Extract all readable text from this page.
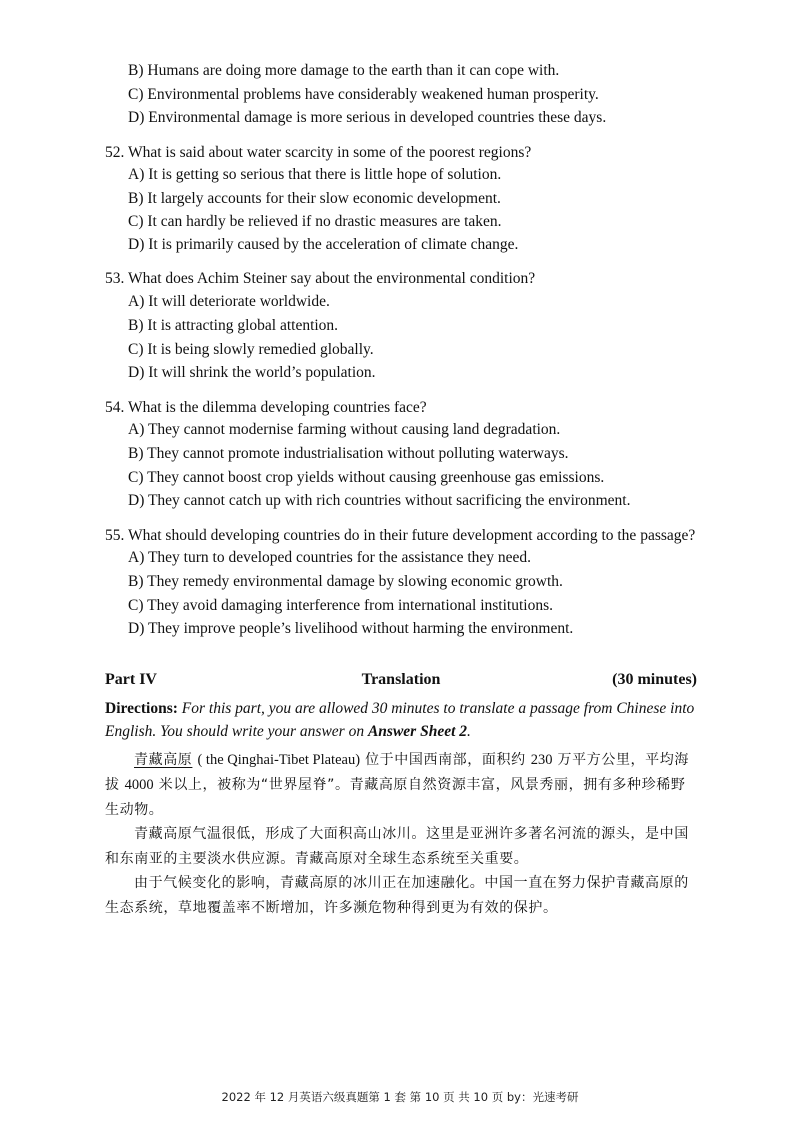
B) Humans are doing more damage to the earth than it can cope with.

C) Environmental problems have considerably weakened human prosperity.

D) Environmental damage is more serious in developed countries these days.

52. What is said about water scarcity in some of the poorest regions?

A) It is getting so serious that there is little hope of solution.

B) It largely accounts for their slow economic development.

C) It can hardly be relieved if no drastic measures are taken.

D) It is primarily caused by the acceleration of climate change.

53. What does Achim Steiner say about the environmental condition?

A) It will deteriorate worldwide.

B) It is attracting global attention.

C) It is being slowly remedied globally.

D) It will shrink the world’s population.

54. What is the dilemma developing countries face?

A) They cannot modernise farming without causing land degradation.

B) They cannot promote industrialisation without polluting waterways.

C) They cannot boost crop yields without causing greenhouse gas emissions.

D) They cannot catch up with rich countries without sacrificing the environment.

55. What should developing countries do in their future development according to the passage?

A) They turn to developed countries for the assistance they need.

B) They remedy environmental damage by slowing economic growth.

C) They avoid damaging interference from international institutions.

D) They improve people’s livelihood without harming the environment.

Part IV	Translation	(30 minutes)

Directions: For this part, you are allowed 30 minutes to translate a passage from Chinese into English. You should write your answer on Answer Sheet 2.

青藏高原 ( the Qinghai-Tibet Plateau) 位于中国西南部，面积约 230 万平方公里，平均海拔 4000 米以上，被称为“世界屋脊”。青藏高原自然资源丰富，风景秀丽，拥有多种珍稀野生动物。

青藏高原气温很低，形成了大面积高山冰川。这里是亚洲许多著名河流的源头，是中国和东南亚的主要淡水供应源。青藏高原对全球生态系统至关重要。

由于气候变化的影响，青藏高原的冰川正在加速融化。中国一直在努力保护青藏高原的生态系统，草地覆盖率不断增加，许多濒危物种得到更为有效的保护。

2022 年 12 月英语六级真题第 1 套 第 10 页 共 10 页 by：光速考研
